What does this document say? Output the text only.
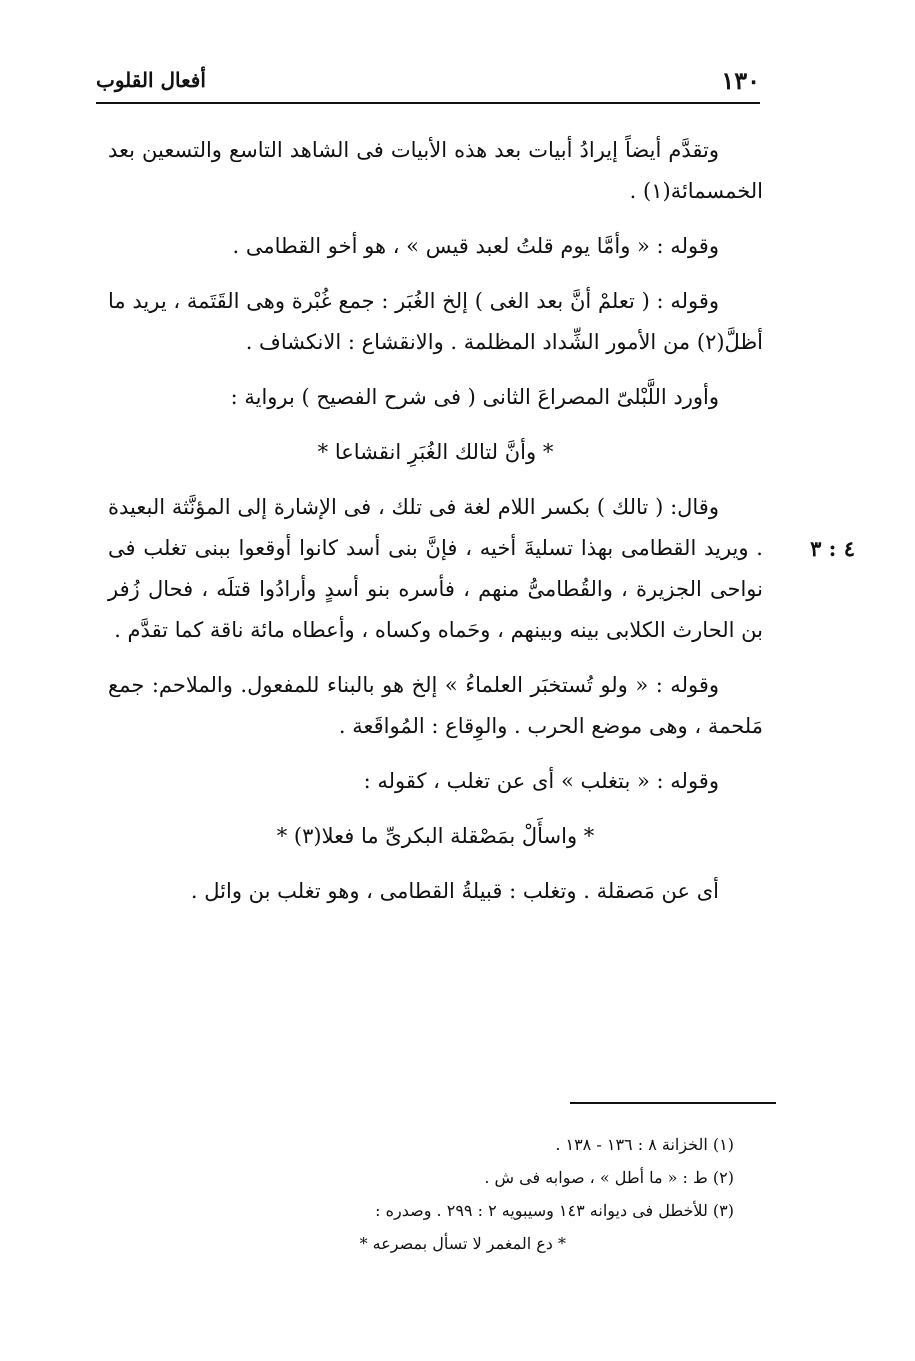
١٣٠
أفعال القلوب

وتقدَّم أيضاً إيرادُ أبيات بعد هذه الأبيات فى الشاهد التاسع والتسعين بعد الخمسمائة(١) .

وقوله : « وأمَّا يوم قلتُ لعبد قيس » ، هو أخو القطامى .

وقوله : ( تعلمْ أنَّ بعد الغى ) إلخ الغُبَر : جمع غُبْرة وهى القَتَمة ، يريد ما أظلَّ(٢) من الأمور الشِّداد المظلمة . والانقشاع : الانكشاف .

وأورد اللَّبْلىّ المصراعَ الثانى ( فى شرح الفصيح ) برواية :

* وأنَّ لتالك الغُبَرِ انقشاعا *

٤ : ٣

وقال: ( تالك ) بكسر اللام لغة فى تلك ، فى الإشارة إلى المؤنَّثة البعيدة . ويريد القطامى بهذا تسليةَ أخيه ، فإنَّ بنى أسد كانوا أوقعوا ببنى تغلب فى نواحى الجزيرة ، والقُطامىُّ منهم ، فأسره بنو أسدٍ وأرادُوا قتلَه ، فحال زُفر بن الحارث الكلابى بينه وبينهم ، وحَماه وكساه ، وأعطاه مائة ناقة كما تقدَّم .

وقوله : « ولو تُستخبَر العلماءُ » إلخ هو بالبناء للمفعول. والملاحم: جمع مَلحمة ، وهى موضع الحرب . والوِقاع : المُواقَعة .

وقوله : « بتغلب » أى عن تغلب ، كقوله :

* واسأَلْ بمَصْقلة البكرىِّ ما فعلا(٣) *

أى عن مَصقلة . وتغلب : قبيلةُ القطامى ، وهو تغلب بن وائل .

(١) الخزانة ٨ : ١٣٦ - ١٣٨ .

(٢) ط : « ما أطل » ، صوابه فى ش .

(٣) للأخطل فى ديوانه ١٤٣ وسيبويه ٢ : ٢٩٩ . وصدره :

* دع المغمر لا تسأل بمصرعه *
